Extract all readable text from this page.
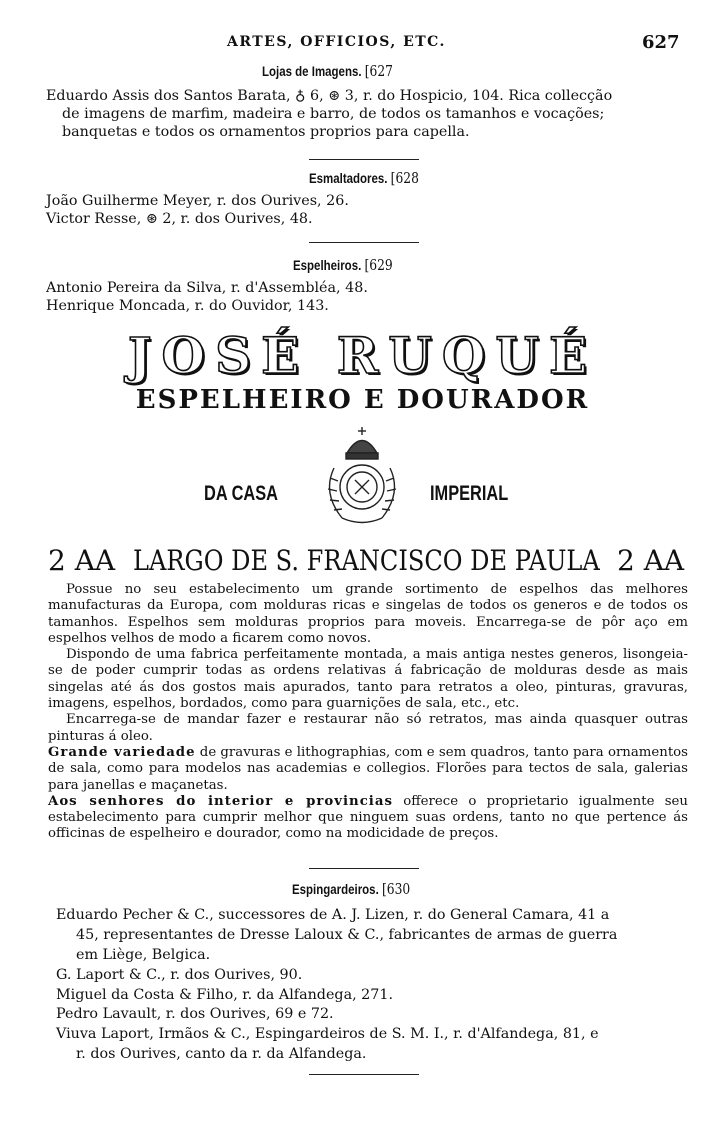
ARTES, OFFICIOS, ETC.	627
Lojas de Imagens. [627
Eduardo Assis dos Santos Barata, ♁ 6, ⊛ 3, r. do Hospicio, 104. Rica collecção
de imagens de marfim, madeira e barro, de todos os tamanhos e vocações;
banquetas e todos os ornamentos proprios para capella.
Esmaltadores. [628
João Guilherme Meyer, r. dos Ourives, 26.
Victor Resse, ⊛ 2, r. dos Ourives, 48.
Espelheiros. [629
Antonio Pereira da Silva, r. d'Assembléa, 48.
Henrique Moncada, r. do Ouvidor, 143.
JOSÉ RUQUÉ
ESPELHEIRO E DOURADOR
DA CASA	IMPERIAL
2 AA LARGO DE S. FRANCISCO DE PAULA 2 AA

Possue no seu estabelecimento um grande sortimento de espelhos das melhores manufacturas da Europa, com molduras ricas e singelas de todos os generos e de todos os tamanhos. Espelhos sem molduras proprios para moveis. Encarrega-se de pôr aço em espelhos velhos de modo a ficarem como novos.

Dispondo de uma fabrica perfeitamente montada, a mais antiga nestes generos, lisongeia-se de poder cumprir todas as ordens relativas á fabricação de molduras desde as mais singelas até ás dos gostos mais apurados, tanto para retratos a oleo, pinturas, gravuras, imagens, espelhos, bordados, como para guarnições de sala, etc., etc.

Encarrega-se de mandar fazer e restaurar não só retratos, mas ainda quasquer outras pinturas á oleo.

Grande variedade de gravuras e lithographias, com e sem quadros, tanto para ornamentos de sala, como para modelos nas academias e collegios. Florões para tectos de sala, galerias para janellas e maçanetas.

Aos senhores do interior e provincias offerece o proprietario igualmente seu estabelecimento para cumprir melhor que ninguem suas ordens, tanto no que pertence ás officinas de espelheiro e dourador, como na modicidade de preços.

Espingardeiros. [630
Eduardo Pecher & C., successores de A. J. Lizen, r. do General Camara, 41 a
45, representantes de Dresse Laloux & C., fabricantes de armas de guerra
em Liège, Belgica.
G. Laport & C., r. dos Ourives, 90.
Miguel da Costa & Filho, r. da Alfandega, 271.
Pedro Lavault, r. dos Ourives, 69 e 72.
Viuva Laport, Irmãos & C., Espingardeiros de S. M. I., r. d'Alfandega, 81, e
r. dos Ourives, canto da r. da Alfandega.
